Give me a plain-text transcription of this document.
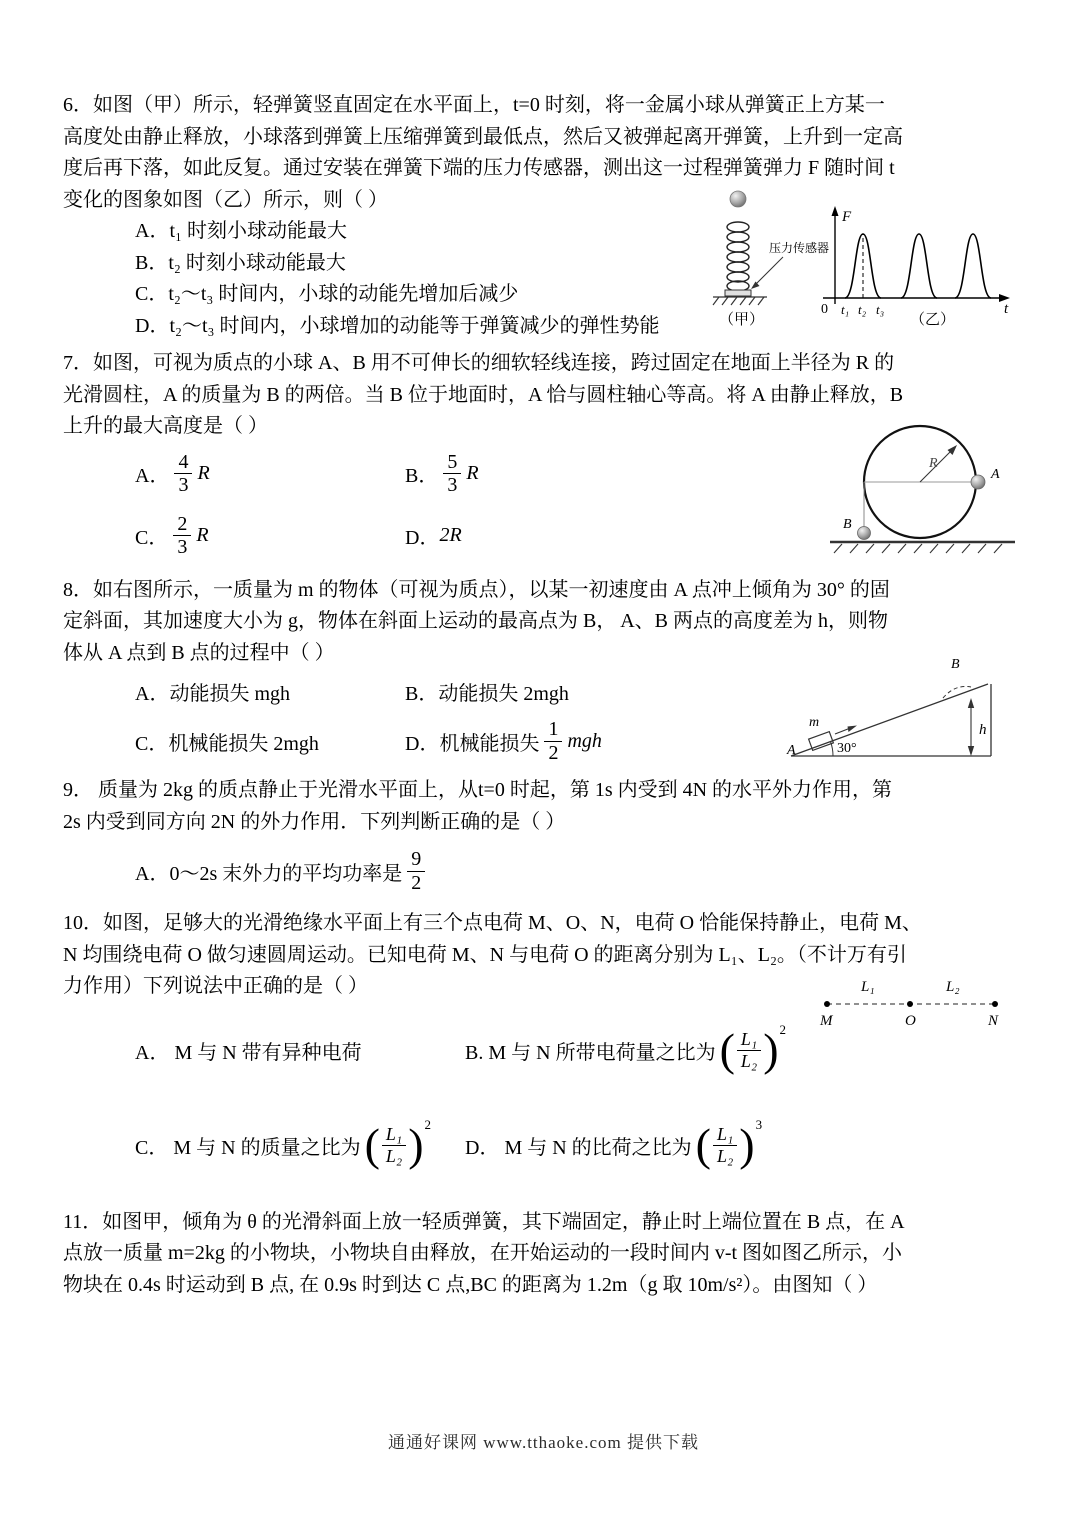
6．如图（甲）所示，轻弹簧竖直固定在水平面上，t=0 时刻，将一金属小球从弹簧正上方某一
高度处由静止释放，小球落到弹簧上压缩弹簧到最低点，然后又被弹起离开弹簧，上升到一定高
度后再下落，如此反复。通过安装在弹簧下端的压力传感器，测出这一过程弹簧弹力 F 随时间 t
变化的图象如图（乙）所示，则（ ）
A．t₁ 时刻小球动能最大
B．t₂ 时刻小球动能最大
C．t₂～t₃ 时间内，小球的动能先增加后减少
D．t₂～t₃ 时间内，小球增加的动能等于弹簧减少的弹性势能
7．如图，可视为质点的小球 A、B 用不可伸长的细软轻线连接，跨过固定在地面上半径为 R 的
光滑圆柱，A 的质量为 B 的两倍。当 B 位于地面时，A 恰与圆柱轴心等高。将 A 由静止释放，B
上升的最大高度是（ ）
A． $\frac{4}{3}$ R	B． $\frac{5}{3}$ R
C． $\frac{2}{3}$ R	D． 2R
8．如右图所示，一质量为 m 的物体（可视为质点），以某一初速度由 A 点冲上倾角为 30° 的固
定斜面，其加速度大小为 g，物体在斜面上运动的最高点为 B， A、B 两点的高度差为 h，则物
体从 A 点到 B 点的过程中（ ）
A．动能损失 mgh	B．动能损失 2mgh
C．机械能损失 2mgh	D．机械能损失 $\frac{1}{2}$ mgh
9． 质量为 2kg 的质点静止于光滑水平面上，从t=0 时起，第 1s 内受到 4N 的水平外力作用，第
2s 内受到同方向 2N 的外力作用．下列判断正确的是（ ）
A．0～2s 末外力的平均功率是 $\frac{9}{2}$
10．如图，足够大的光滑绝缘水平面上有三个点电荷 M、O、N，电荷 O 恰能保持静止，电荷 M、
N 均围绕电荷 O 做匀速圆周运动。已知电荷 M、N 与电荷 O 的距离分别为 L₁、L₂。（不计万有引
力作用）下列说法中正确的是（ ）
A． M 与 N 带有异种电荷	B. M 与 N 所带电荷量之比为 ( $\frac{\text{L₁}}{\text{L₂}}$ ) 2
C． M 与 N 的质量之比为 ( $\frac{\text{L₁}}{\text{L₂}}$ ) 2
D． M 与 N 的比荷之比为 ( $\frac{\text{L₁}}{\text{L₂}}$ ) 3
11．如图甲，倾角为 θ 的光滑斜面上放一轻质弹簧，其下端固定，静止时上端位置在 B 点，在 A
点放一质量 m=2kg 的小物块，小物块自由释放，在开始运动的一段时间内 v-t 图如图乙所示，小
物块在 0.4s 时运动到 B 点, 在 0.9s 时到达 C 点,BC 的距离为 1.2m（g 取 10m/s²）。由图知（ ）
压力传感器
（甲）
F
t
0 t₁ t₂ t₃
（乙）
R
A
B
B
h
m
A	30°
M	O	N
L₁	L₂
通通好课网 www.tthaoke.com 提供下载
